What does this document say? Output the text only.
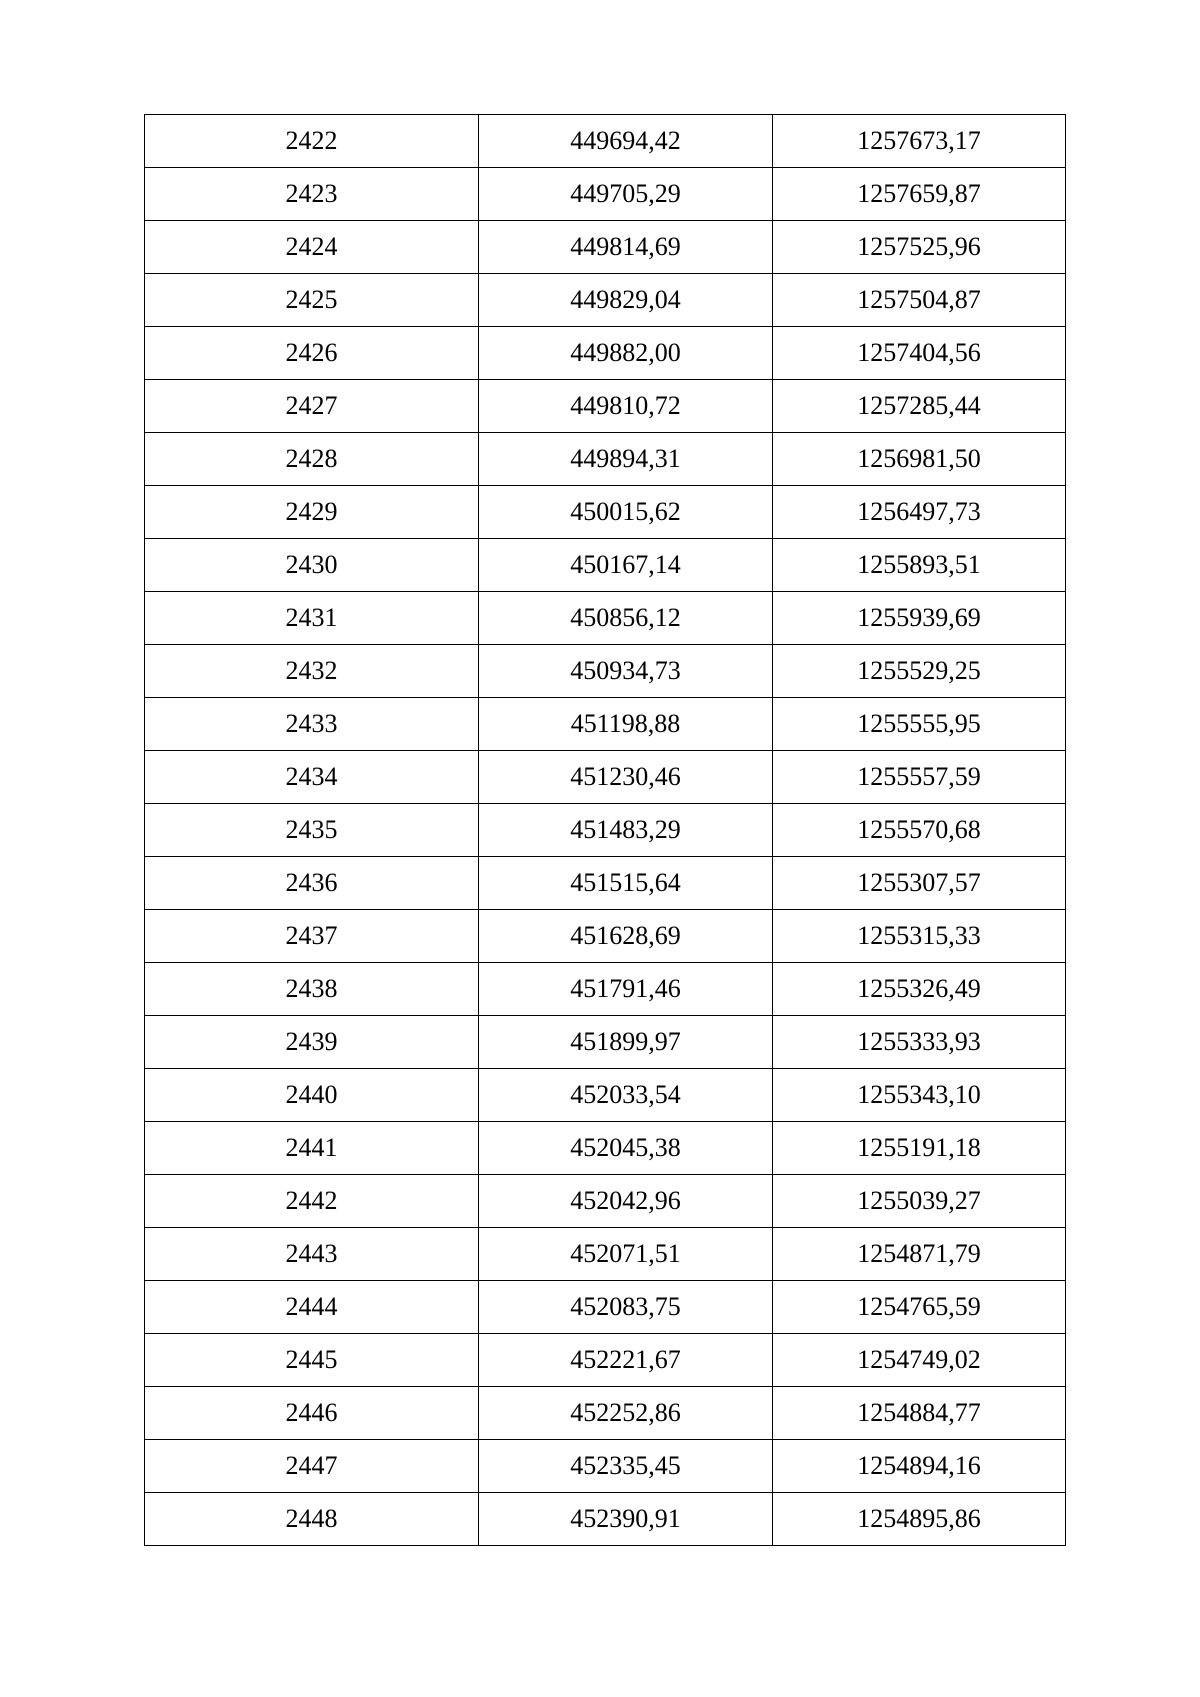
2422	449694,42	1257673,17
2423	449705,29	1257659,87
2424	449814,69	1257525,96
2425	449829,04	1257504,87
2426	449882,00	1257404,56
2427	449810,72	1257285,44
2428	449894,31	1256981,50
2429	450015,62	1256497,73
2430	450167,14	1255893,51
2431	450856,12	1255939,69
2432	450934,73	1255529,25
2433	451198,88	1255555,95
2434	451230,46	1255557,59
2435	451483,29	1255570,68
2436	451515,64	1255307,57
2437	451628,69	1255315,33
2438	451791,46	1255326,49
2439	451899,97	1255333,93
2440	452033,54	1255343,10
2441	452045,38	1255191,18
2442	452042,96	1255039,27
2443	452071,51	1254871,79
2444	452083,75	1254765,59
2445	452221,67	1254749,02
2446	452252,86	1254884,77
2447	452335,45	1254894,16
2448	452390,91	1254895,86
